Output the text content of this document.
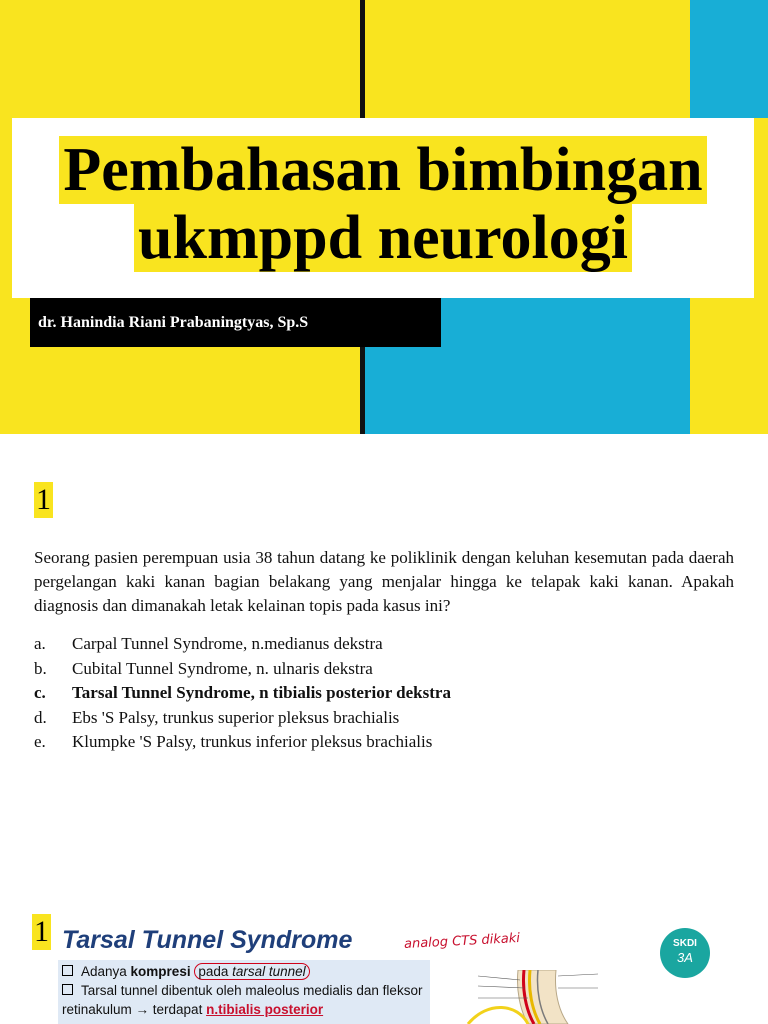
Pembahasan bimbingan
ukmppd neurologi
dr. Hanindia Riani Prabaningtyas, Sp.S
1

Seorang pasien perempuan usia 38 tahun datang ke poliklinik dengan keluhan kesemutan pada daerah pergelangan kaki kanan bagian belakang yang menjalar hingga ke telapak kaki kanan. Apakah diagnosis dan dimanakah letak kelainan topis pada kasus ini?

a. Carpal Tunnel Syndrome, n.medianus dekstra
b. Cubital Tunnel Syndrome, n. ulnaris dekstra
c. Tarsal Tunnel Syndrome, n tibialis posterior dekstra
d. Ebs 'S Palsy, trunkus superior pleksus brachialis
e. Klumpke 'S Palsy, trunkus inferior pleksus brachialis
1 Tarsal Tunnel Syndrome	analog CTS dikaki	SKDI
3A

Adanya kompresi pada tarsal tunnel

Tarsal tunnel dibentuk oleh maleolus medialis dan fleksor retinakulum → terdapat n.tibialis posterior
